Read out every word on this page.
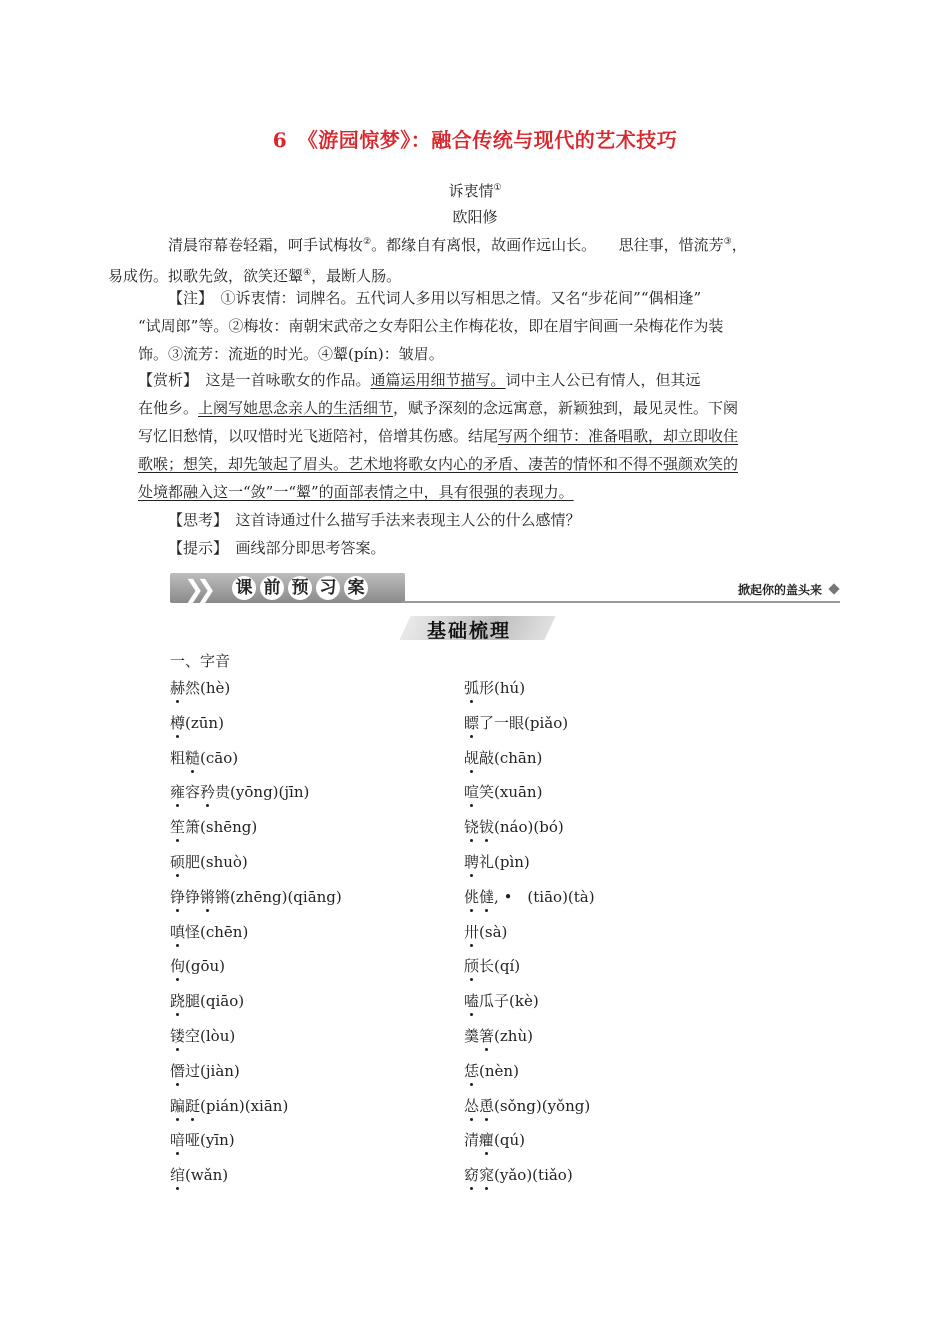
6　《游园惊梦》：融合传统与现代的艺术技巧
诉衷情①
欧阳修
清晨帘幕卷轻霜，呵手试梅妆②。都缘自有离恨，故画作远山长。　　思往事，惜流芳③，
易成伤。拟歌先敛，欲笑还颦④，最断人肠。
【注】　①诉衷情：词牌名。五代词人多用以写相思之情。又名“步花间”“偶相逢”
“试周郎”等。②梅妆：南朝宋武帝之女寿阳公主作梅花妆，即在眉宇间画一朵梅花作为装
饰。③流芳：流逝的时光。④颦(pín)：皱眉。
【赏析】　这是一首咏歌女的作品。通篇运用细节描写。词中主人公已有情人，但其远
在他乡。上阕写她思念亲人的生活细节，赋予深刻的念远寓意，新颖独到，最见灵性。下阕
写忆旧愁情，以叹惜时光飞逝陪衬，倍增其伤感。结尾写两个细节：准备唱歌，却立即收住
歌喉；想笑，却先皱起了眉头。艺术地将歌女内心的矛盾、凄苦的情怀和不得不强颜欢笑的
处境都融入这一“敛”一“颦”的面部表情之中，具有很强的表现力。
【思考】　这首诗通过什么描写手法来表现主人公的什么感情？
【提示】　画线部分即思考答案。
❯❯ 课 前 预 习 案	掀起你的盖头来
基础梳理
一、字音
赫然(hè)
樽(zūn)
粗糙(cāo)
雍容矜贵(yōng)(jīn)
笙箫(shēng)
硕肥(shuò)
铮铮锵锵(zhēng)(qiāng)
嗔怪(chēn)
佝(gōu)
跷腿(qiāo)
镂空(lòu)
僭过(jiàn)
蹁跹(pián)(xiān)
喑哑(yīn)
绾(wǎn)
弧形(hú)
瞟了一眼(piǎo)
觇敲(chān)
喧笑(xuān)
铙钹(náo)(bó)
聘礼(pìn)
佻㒓, •　(tiāo)(tà)
卅(sà)
颀长(qí)
嗑瓜子(kè)
羹箸(zhù)
恁(nèn)
怂恿(sǒng)(yǒng)
清癯(qú)
窈窕(yǎo)(tiǎo)
